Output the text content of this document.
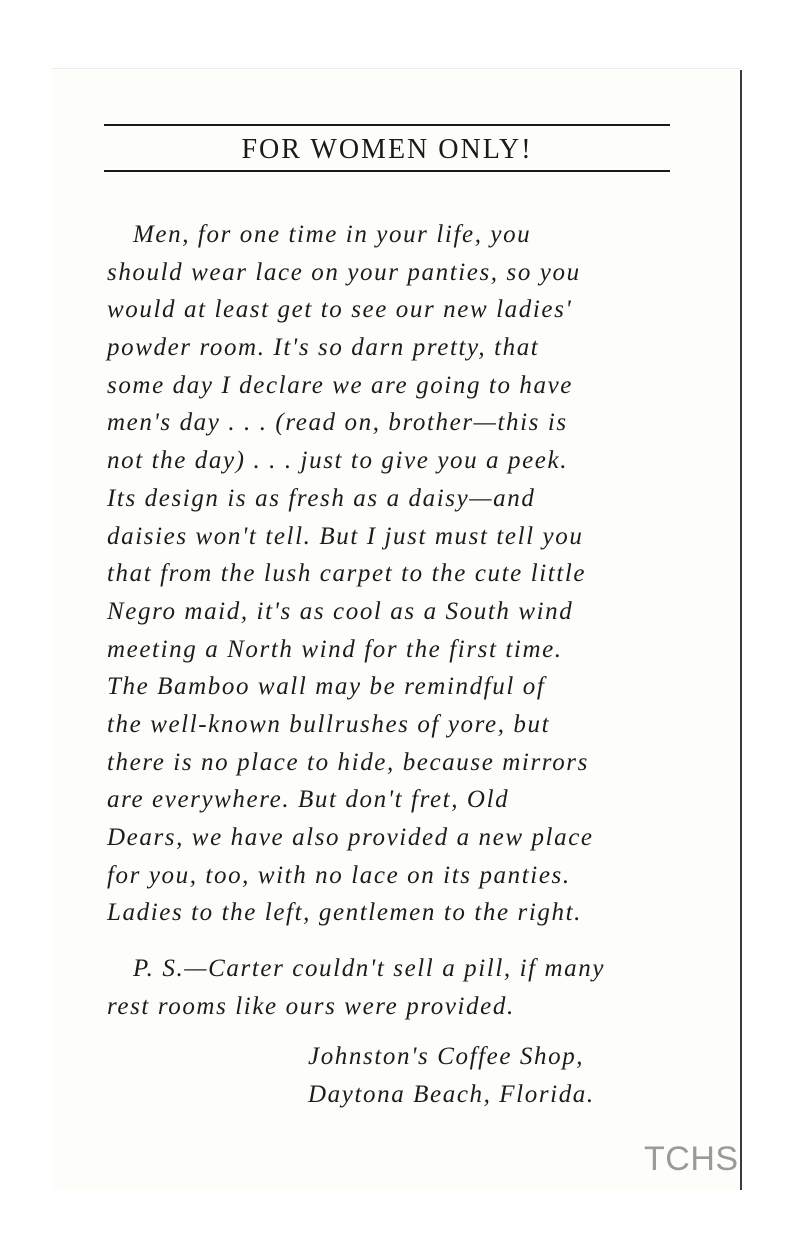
FOR WOMEN ONLY!
Men, for one time in your life, you
should wear lace on your panties, so you
would at least get to see our new ladies'
powder room. It's so darn pretty, that
some day I declare we are going to have
men's day . . . (read on, brother—this is
not the day) . . . just to give you a peek.
Its design is as fresh as a daisy—and
daisies won't tell. But I just must tell you
that from the lush carpet to the cute little
Negro maid, it's as cool as a South wind
meeting a North wind for the first time.
The Bamboo wall may be remindful of
the well-known bullrushes of yore, but
there is no place to hide, because mirrors
are everywhere. But don't fret, Old
Dears, we have also provided a new place
for you, too, with no lace on its panties.
Ladies to the left, gentlemen to the right.
P. S.—Carter couldn't sell a pill, if many
rest rooms like ours were provided.
Johnston's Coffee Shop,
Daytona Beach, Florida.
TCHS
